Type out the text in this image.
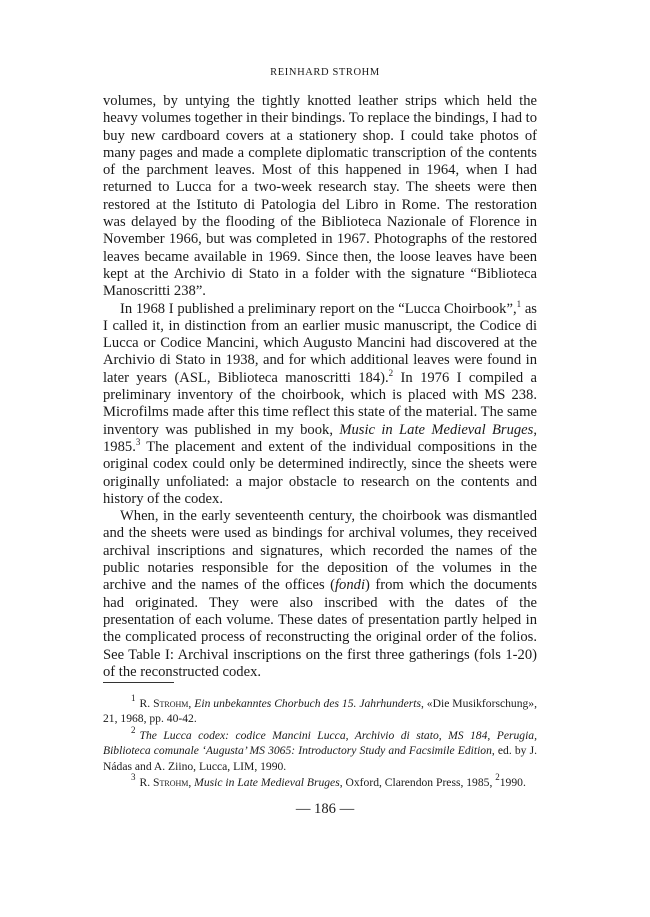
REINHARD STROHM

volumes, by untying the tightly knotted leather strips which held the heavy volumes together in their bindings. To replace the bindings, I had to buy new cardboard covers at a stationery shop. I could take photos of many pages and made a complete diplomatic transcription of the contents of the parchment leaves. Most of this happened in 1964, when I had returned to Lucca for a two-week research stay. The sheets were then restored at the Istituto di Patologia del Libro in Rome. The restoration was delayed by the flooding of the Biblioteca Nazionale of Florence in November 1966, but was completed in 1967. Photographs of the restored leaves became available in 1969. Since then, the loose leaves have been kept at the Archivio di Stato in a folder with the signature “Biblioteca Manoscritti 238”.

In 1968 I published a preliminary report on the “Lucca Choirbook”,$^1$ as I called it, in distinction from an earlier music manuscript, the Codice di Lucca or Codice Mancini, which Augusto Mancini had discovered at the Archivio di Stato in 1938, and for which additional leaves were found in later years (ASL, Biblioteca manoscritti 184).$^2$ In 1976 I compiled a preliminary inventory of the choirbook, which is placed with MS 238. Microfilms made after this time reflect this state of the material. The same inventory was published in my book, Music in Late Medieval Bruges, 1985.$^3$ The placement and extent of the individual compositions in the original codex could only be determined indirectly, since the sheets were originally unfoliated: a major obstacle to research on the contents and history of the codex.

When, in the early seventeenth century, the choirbook was dismantled and the sheets were used as bindings for archival volumes, they received archival inscriptions and signatures, which recorded the names of the public notaries responsible for the deposition of the volumes in the archive and the names of the offices (fondi) from which the documents had originated. They were also inscribed with the dates of the presentation of each volume. These dates of presentation partly helped in the complicated process of reconstructing the original order of the folios. See Table I: Archival inscriptions on the first three gatherings (fols 1-20) of the reconstructed codex.

$^1$ R. Strohm, Ein unbekanntes Chorbuch des 15. Jahrhunderts, «Die Musikforschung», 21, 1968, pp. 40-42.

$^2$ The Lucca codex: codice Mancini Lucca, Archivio di stato, MS 184, Perugia, Biblioteca comunale ‘Augusta’ MS 3065: Introductory Study and Facsimile Edition, ed. by J. Nádas and A. Ziino, Lucca, LIM, 1990.

$^3$ R. Strohm, Music in Late Medieval Bruges, Oxford, Clarendon Press, 1985, $^2$1990.

— 186 —
